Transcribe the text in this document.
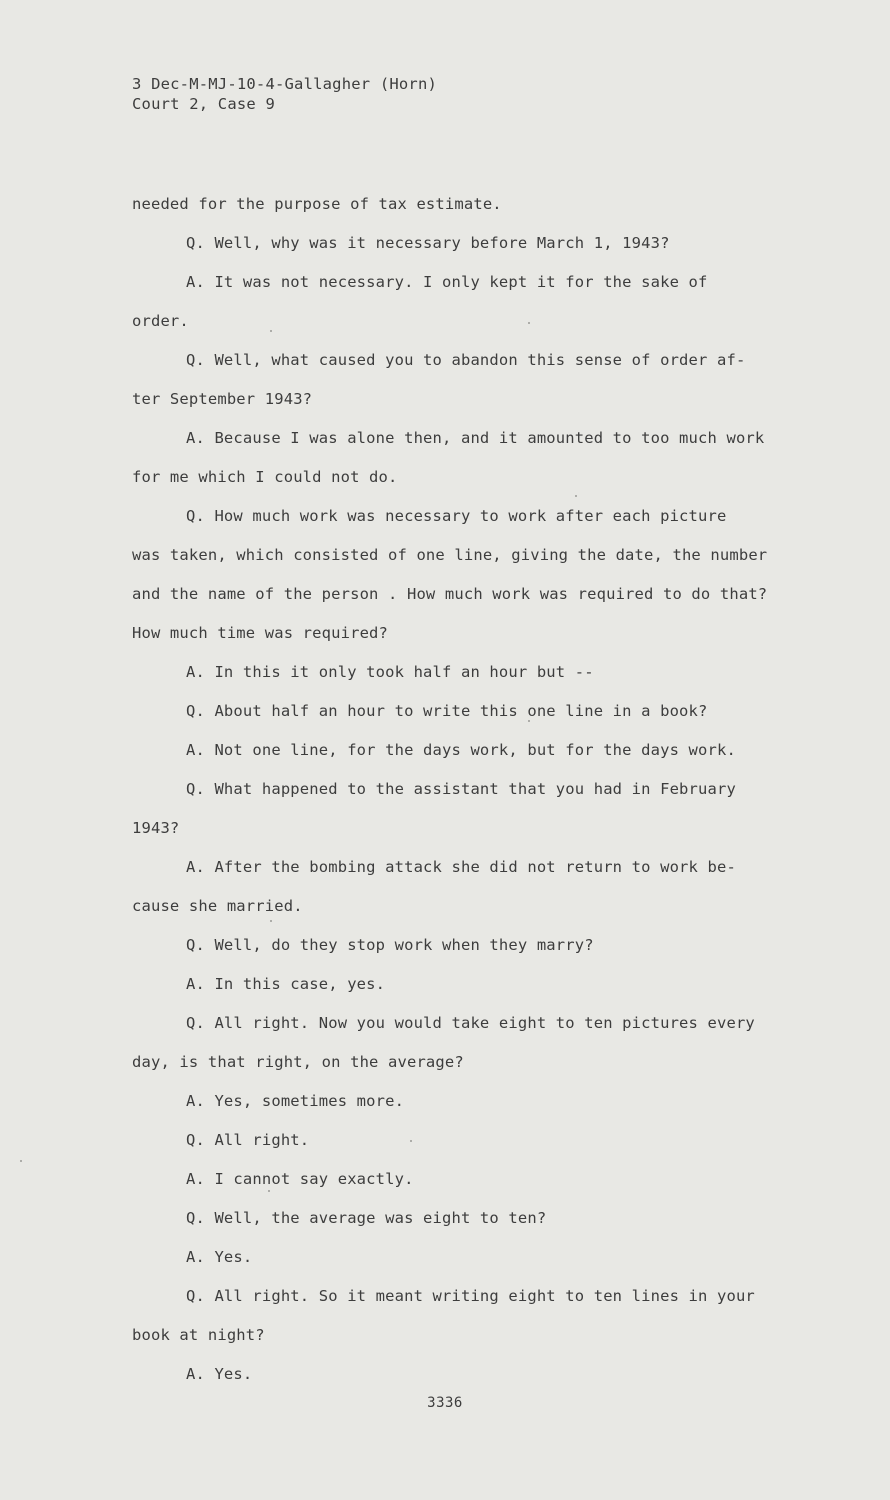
3 Dec-M-MJ-10-4-Gallagher (Horn)
Court 2, Case 9
needed for the purpose of tax estimate.
Q. Well, why was it necessary before March 1, 1943?
A. It was not necessary. I only kept it for the sake of
order.
Q. Well, what caused you to abandon this sense of order af-
ter September 1943?
A. Because I was alone then, and it amounted to too much work
for me which I could not do.
Q. How much work was necessary to work after each picture
was taken, which consisted of one line, giving the date, the number
and the name of the person . How much work was required to do that?
How much time was required?
A. In this it only took half an hour but --
Q. About half an hour to write this one line in a book?
A. Not one line, for the days work, but for the days work.
Q. What happened to the assistant that you had in February
1943?
A. After the bombing attack she did not return to work be-
cause she married.
Q. Well, do they stop work when they marry?
A. In this case, yes.
Q. All right. Now you would take eight to ten pictures every
day, is that right, on the average?
A. Yes, sometimes more.
Q. All right.
A. I cannot say exactly.
Q. Well, the average was eight to ten?
A. Yes.
Q. All right. So it meant writing eight to ten lines in your
book at night?
A. Yes.
3336
